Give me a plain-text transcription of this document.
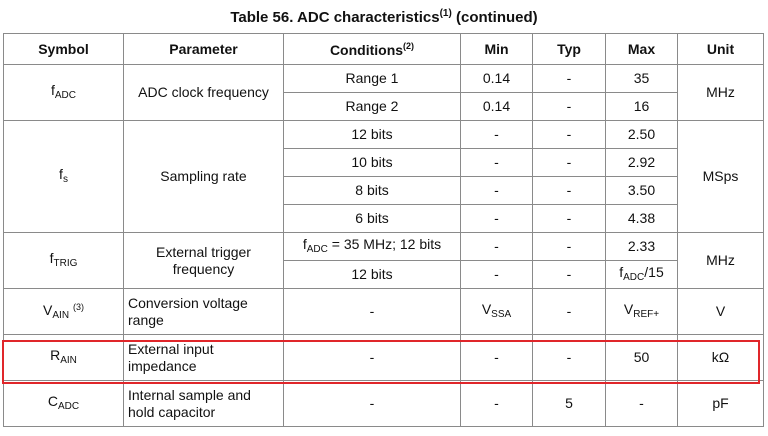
Table 56. ADC characteristics$^{(1)}$ (continued)
Symbol	Parameter	Conditions$^{(2)}$	Min	Typ	Max	Unit
$f_{ADC}$	ADC clock frequency	Range 1	0.14	-	35	MHz
		Range 2	0.14	-	16	
$f_s$	Sampling rate	12 bits	-	-	2.50	MSps
		10 bits	-	-	2.92	
		8 bits	-	-	3.50	
		6 bits	-	-	4.38	
$f_{TRIG}$	External trigger frequency	$f_{ADC} = 35$ MHz; 12 bits	-	-	2.33	MHz
		12 bits	-	-	$f_{ADC}/15$	
$V_{AIN}$ $^{(3)}$	Conversion voltage range	-	$V_{SSA}$	-	$V_{REF+}$	V
$R_{AIN}$	External input impedance	-	-	-	50	kΩ
$C_{ADC}$	Internal sample and hold capacitor	-	-	5	-	pF
